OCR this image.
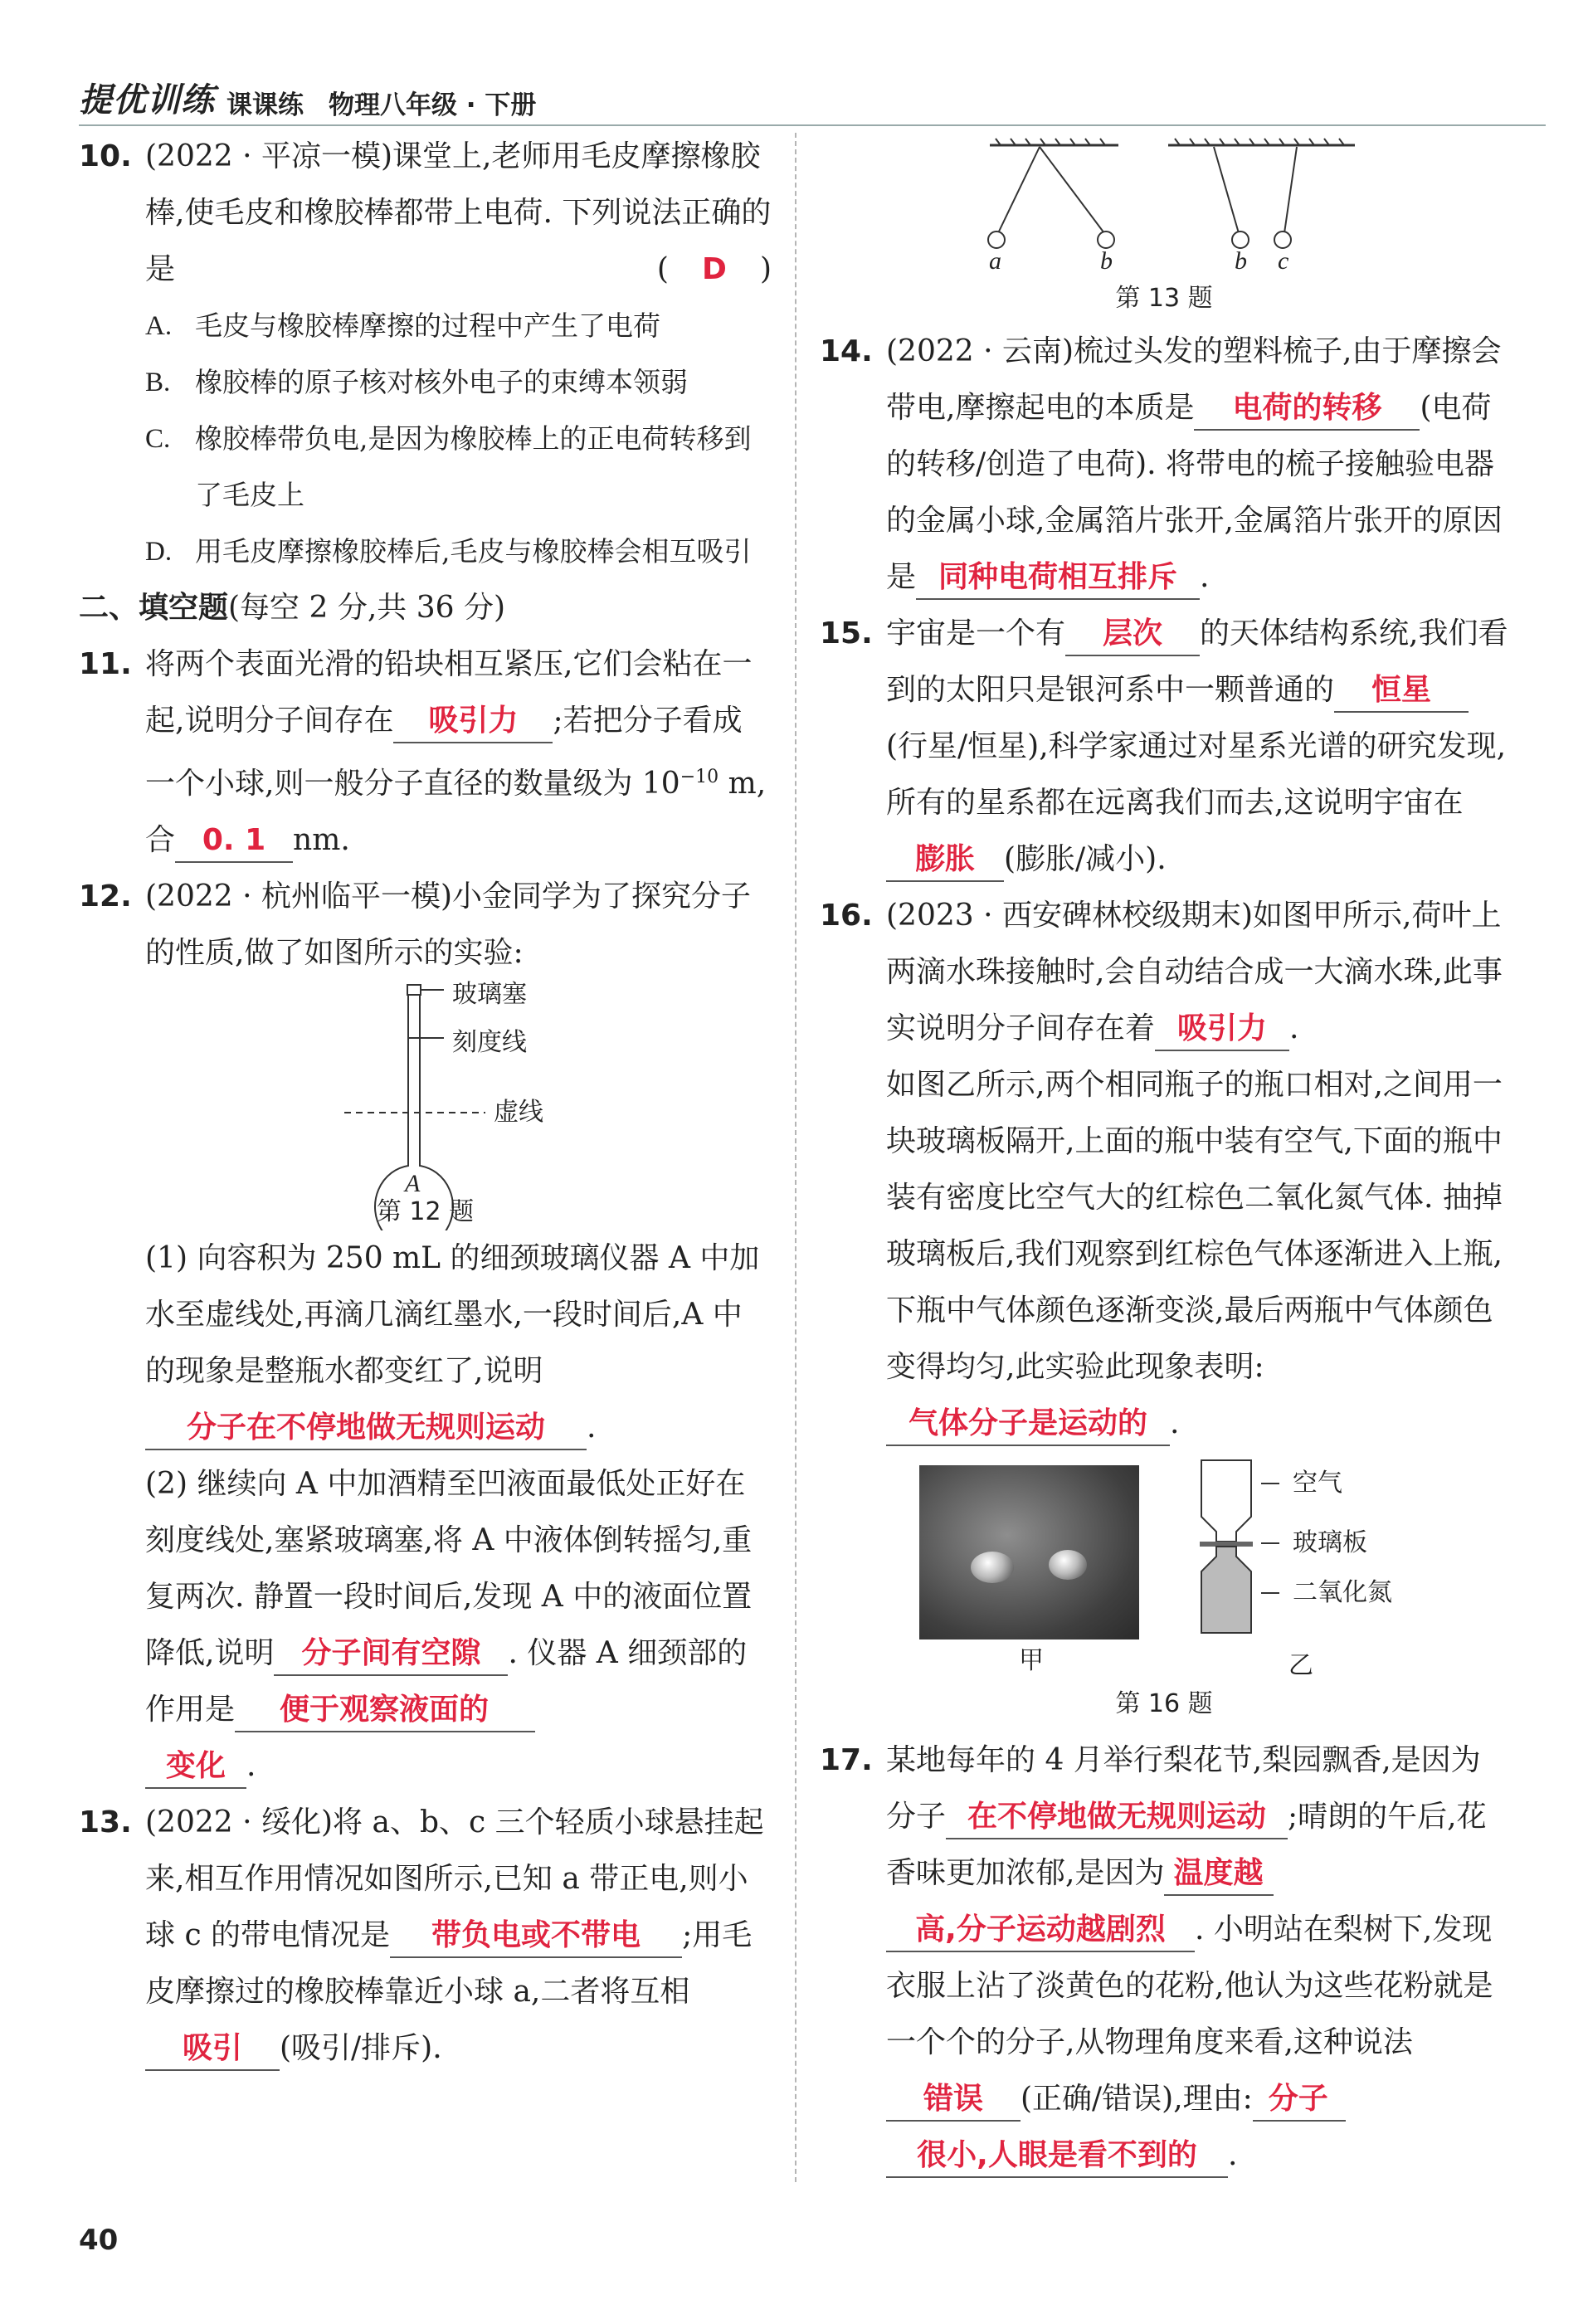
提优训练 课课练 物理八年级 · 下册
10. (2022 · 平凉一模)课堂上,老师用毛皮摩擦橡胶棒,使毛皮和橡胶棒都带上电荷. 下列说法正确的是	( D )
A. 毛皮与橡胶棒摩擦的过程中产生了电荷
B. 橡胶棒的原子核对核外电子的束缚本领弱
C. 橡胶棒带负电,是因为橡胶棒上的正电荷转移到了毛皮上
D. 用毛皮摩擦橡胶棒后,毛皮与橡胶棒会相互吸引
二、填空题(每空 2 分,共 36 分)
11. 将两个表面光滑的铅块相互紧压,它们会粘在一起,说明分子间存在 吸引力 ;若把分子看成一个小球,则一般分子直径的数量级为 $10^{-10}$ m,合 0. 1 nm.
12. (2022 · 杭州临平一模)小金同学为了探究分子的性质,做了如图所示的实验:
玻璃塞
刻度线
虚线
A
第 12 题
(1) 向容积为 250 mL 的细颈玻璃仪器 A 中加水至虚线处,再滴几滴红墨水,一段时间后,A 中的现象是整瓶水都变红了,说明
分子在不停地做无规则运动 .
(2) 继续向 A 中加酒精至凹液面最低处正好在刻度线处,塞紧玻璃塞,将 A 中液体倒转摇匀,重复两次. 静置一段时间后,发现 A 中的液面位置降低,说明 分子间有空隙 . 仪器 A 细颈部的作用是 便于观察液面的
变化 .
13. (2022 · 绥化)将 a、b、c 三个轻质小球悬挂起来,相互作用情况如图所示,已知 a 带正电,则小球 c 的带电情况是 带负电或不带电 ;用毛皮摩擦过的橡胶棒靠近小球 a,二者将互相吸引 (吸引/排斥).
a	b	b c
第 13 题
14. (2022 · 云南)梳过头发的塑料梳子,由于摩擦会带电,摩擦起电的本质是 电荷的转移 (电荷的转移/创造了电荷). 将带电的梳子接触验电器的金属小球,金属箔片张开,金属箔片张开的原因是 同种电荷相互排斥 .
15. 宇宙是一个有 层次 的天体结构系统,我们看到的太阳只是银河系中一颗普通的 恒星(行星/恒星),科学家通过对星系光谱的研究发现,所有的星系都在远离我们而去,这说明宇宙在膨胀 (膨胀/减小).
16. (2023 · 西安碑林校级期末)如图甲所示,荷叶上两滴水珠接触时,会自动结合成一大滴水珠,此事实说明分子间存在着 吸引力 .
如图乙所示,两个相同瓶子的瓶口相对,之间用一块玻璃板隔开,上面的瓶中装有空气,下面的瓶中装有密度比空气大的红棕色二氧化氮气体. 抽掉玻璃板后,我们观察到红棕色气体逐渐进入上瓶,下瓶中气体颜色逐渐变淡,最后两瓶中气体颜色变得均匀,此实验此现象表明:气体分子是运动的 .
空气
玻璃板
二氧化氮
甲	乙
第 16 题
17. 某地每年的 4 月举行梨花节,梨园飘香,是因为分子 在不停地做无规则运动 ;晴朗的午后,花香味更加浓郁,是因为 温度越
高,分子运动越剧烈 . 小明站在梨树下,发现衣服上沾了淡黄色的花粉,他认为这些花粉就是一个个的分子,从物理角度来看,这种说法错误 (正确/错误),理由: 分子
很小,人眼是看不到的 .
40
